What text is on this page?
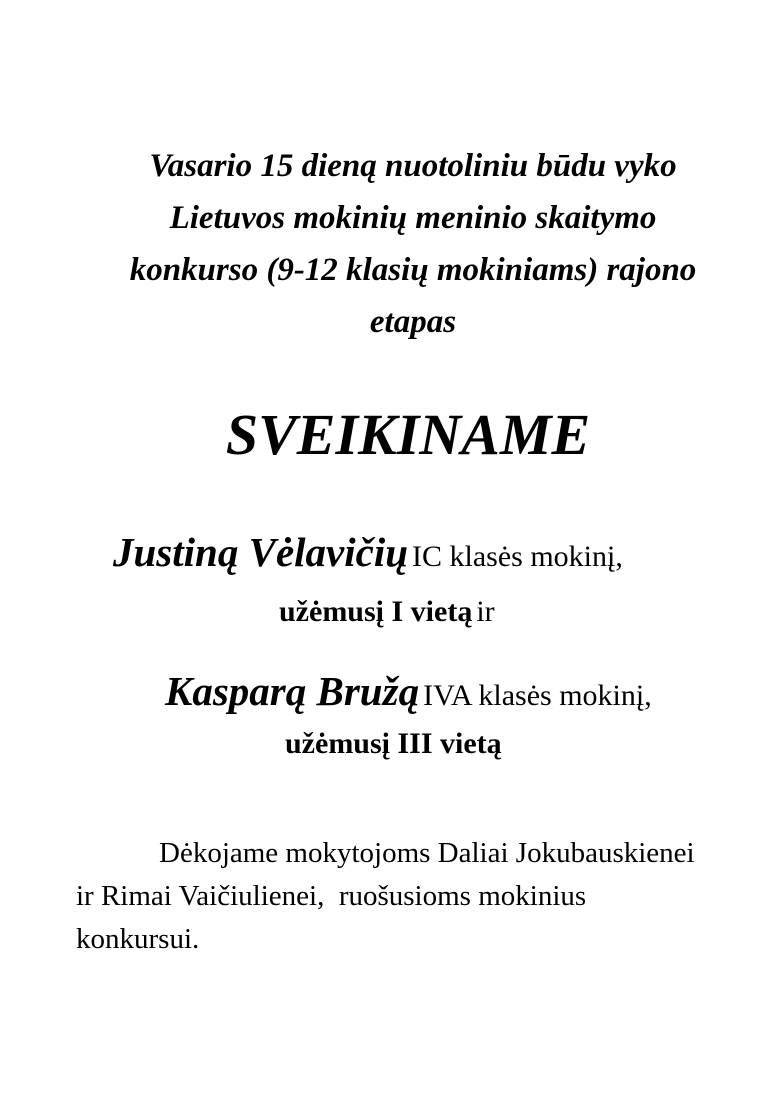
Vasario 15 dieną nuotoliniu būdu vyko
Lietuvos mokinių meninio skaitymo
konkurso (9-12 klasių mokiniams) rajono
etapas
SVEIKINAME
Justiną Vėlavičių IC klasės mokinį,
užėmusį I vietą ir
Kasparą Bružą IVA klasės mokinį,
užėmusį III vietą
Dėkojame mokytojoms Daliai Jokubauskienei
ir Rimai Vaičiulienei,  ruošusioms mokinius
konkursui.
